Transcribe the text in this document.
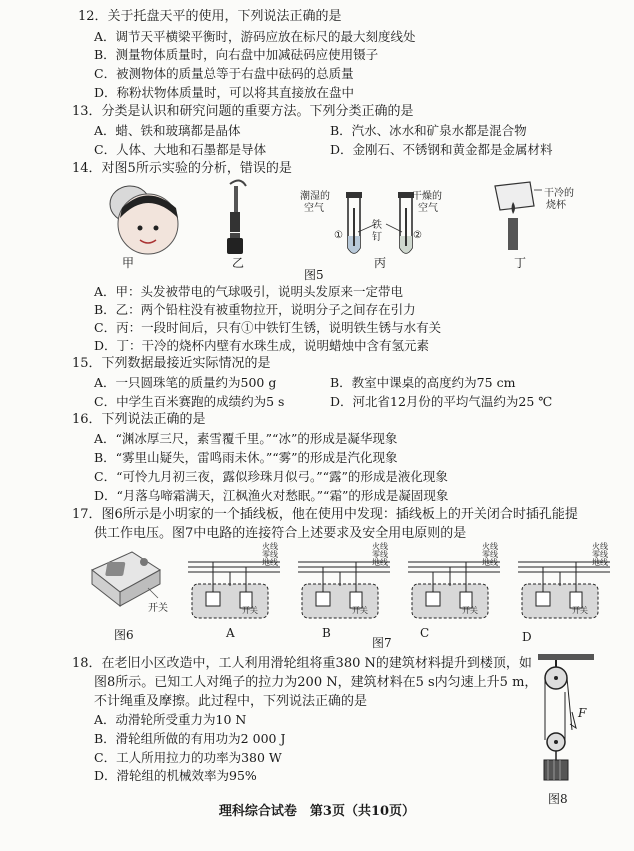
12．关于托盘天平的使用，下列说法正确的是
A．调节天平横梁平衡时，游码应放在标尺的最大刻度线处
B．测量物体质量时，向右盘中加减砝码应使用镊子
C．被测物体的质量总等于右盘中砝码的总质量
D．称粉状物体质量时，可以将其直接放在盘中
13．分类是认识和研究问题的重要方法。下列分类正确的是
A．蜡、铁和玻璃都是晶体	B．汽水、冰水和矿泉水都是混合物
C．人体、大地和石墨都是导体	D．金刚石、不锈钢和黄金都是金属材料
14．对图5所示实验的分析，错误的是
潮湿的
空气
干燥的
空气
铁
钉
①	②
干冷的
烧杯
甲	乙	丙	丁
图5
A．甲：头发被带电的气球吸引，说明头发原来一定带电
B．乙：两个铅柱没有被重物拉开，说明分子之间存在引力
C．丙：一段时间后，只有①中铁钉生锈，说明铁生锈与水有关
D．丁：干冷的烧杯内壁有水珠生成，说明蜡烛中含有氢元素
15．下列数据最接近实际情况的是
A．一只圆珠笔的质量约为500 g	B．教室中课桌的高度约为75 cm
C．中学生百米赛跑的成绩约为5 s	D．河北省12月份的平均气温约为25 ℃
16．下列说法正确的是
A．“渊冰厚三尺，素雪覆千里。”“冰”的形成是凝华现象
B．“雾里山疑失，雷鸣雨未休。”“雾”的形成是汽化现象
C．“可怜九月初三夜，露似珍珠月似弓。”“露”的形成是液化现象
D．“月落乌啼霜满天，江枫渔火对愁眠。”“霜”的形成是凝固现象
17．图6所示是小明家的一个插线板，他在使用中发现：插线板上的开关闭合时插孔能提
供工作电压。图7中电路的连接符合上述要求及安全用电原则的是
开关
图6
火线
零线
地线
火线
零线
地线
火线
零线
地线
火线
零线
地线
开关	开关	开关	开关
A	B	C	D
图7
18．在老旧小区改造中，工人利用滑轮组将重380 N的建筑材料提升到楼顶，如
图8所示。已知工人对绳子的拉力为200 N，建筑材料在5 s内匀速上升5 m，
不计绳重及摩擦。此过程中，下列说法正确的是
A．动滑轮所受重力为10 N
B．滑轮组所做的有用功为2 000 J
C．工人所用拉力的功率为380 W
D．滑轮组的机械效率为95%
F
图8
理科综合试卷　第3页（共10页）
